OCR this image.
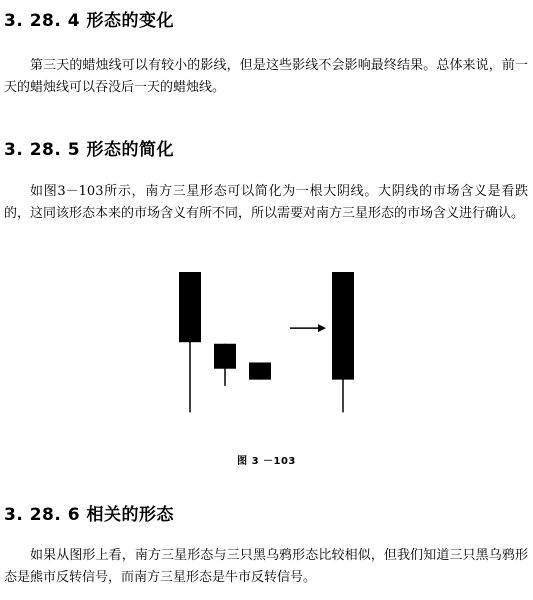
3. 28. 4 形态的变化
第三天的蜡烛线可以有较小的影线，但是这些影线不会影响最终结果。总体来说，前一天的蜡烛线可以吞没后一天的蜡烛线。
3. 28. 5 形态的简化
如图3－103所示，南方三星形态可以简化为一根大阴线。大阴线的市场含义是看跌的，这同该形态本来的市场含义有所不同，所以需要对南方三星形态的市场含义进行确认。
图 3 －103
3. 28. 6 相关的形态
如果从图形上看，南方三星形态与三只黑乌鸦形态比较相似，但我们知道三只黑乌鸦形态是熊市反转信号，而南方三星形态是牛市反转信号。
